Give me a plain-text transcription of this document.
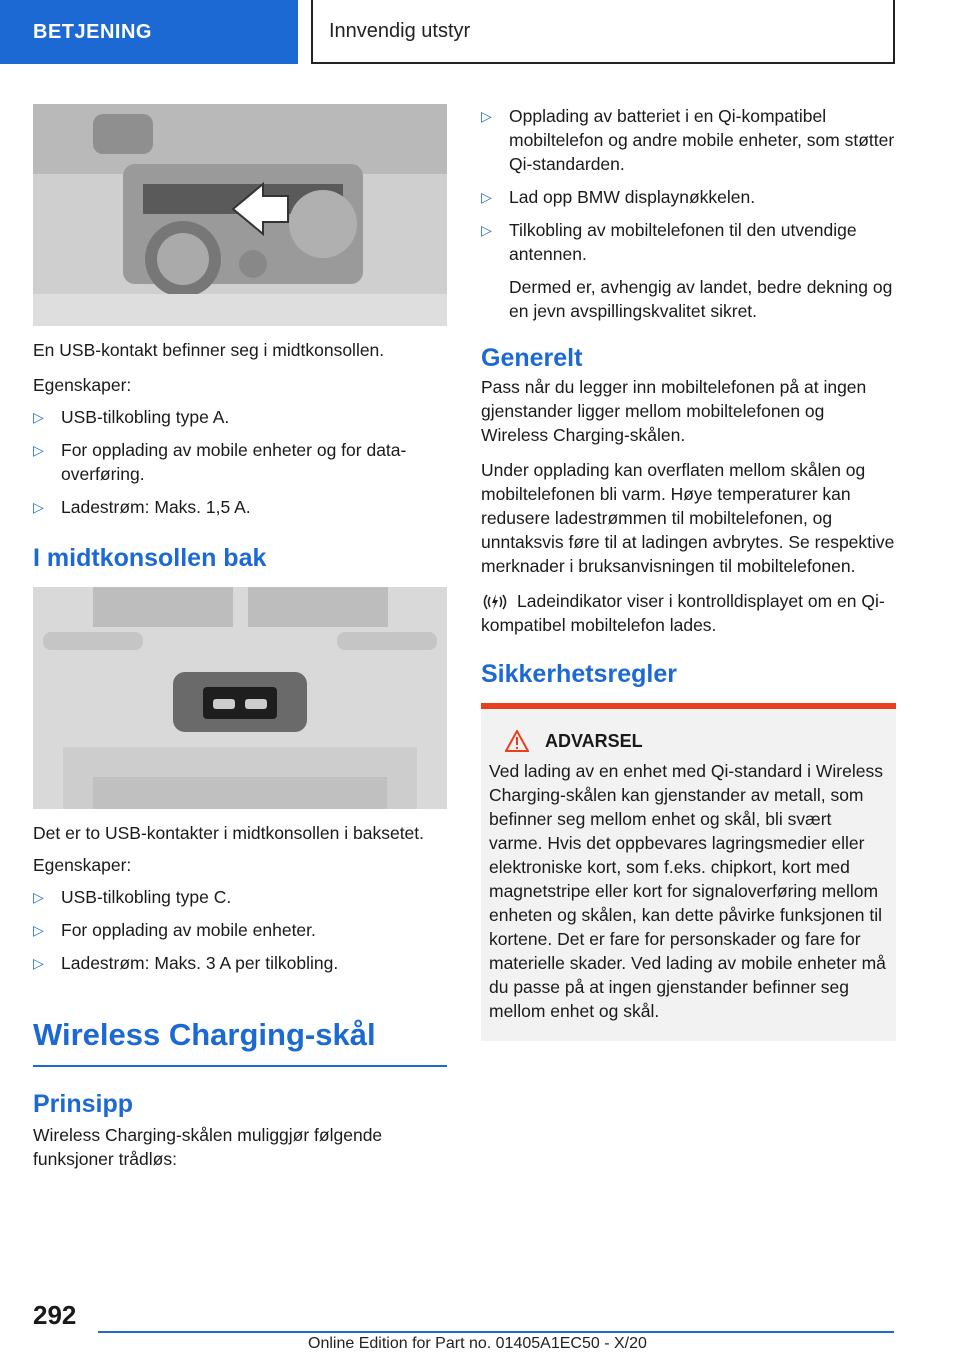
BETJENING	Innvendig utstyr

En USB-kontakt befinner seg i midtkonsollen.

Egenskaper:

▷ USB-tilkobling type A.
▷ For opplading av mobile enheter og for dataoverføring.
▷ Ladestrøm: Maks. 1,5 A.
I midtkonsollen bak

Det er to USB-kontakter i midtkonsollen i baksetet.

Egenskaper:

▷ USB-tilkobling type C.
▷ For opplading av mobile enheter.
▷ Ladestrøm: Maks. 3 A per tilkobling.
Wireless Charging-skål
Prinsipp

Wireless Charging-skålen muliggjør følgende funksjoner trådløs:

▷ Opplading av batteriet i en Qi-kompatibel mobiltelefon og andre mobile enheter, som støtter Qi-standarden.
▷ Lad opp BMW displaynøkkelen.
▷ Tilkobling av mobiltelefonen til den utvendige antennen.

Dermed er, avhengig av landet, bedre dekning og en jevn avspillingskvalitet sikret.

Generelt

Pass når du legger inn mobiltelefonen på at ingen gjenstander ligger mellom mobiltelefonen og Wireless Charging-skålen.

Under opplading kan overflaten mellom skålen og mobiltelefonen bli varm. Høye temperaturer kan redusere ladestrømmen til mobiltelefonen, og unntaksvis føre til at ladingen avbrytes. Se respektive merknader i bruksanvisningen til mobiltelefonen.

Ladeindikator viser i kontrolldisplayet om en Qi-kompatibel mobiltelefon lades.

Sikkerhetsregler
ADVARSEL

Ved lading av en enhet med Qi-standard i Wireless Charging-skålen kan gjenstander av metall, som befinner seg mellom enhet og skål, bli svært varme. Hvis det oppbevares lagringsmedier eller elektroniske kort, som f.eks. chipkort, kort med magnetstripe eller kort for signaloverføring mellom enheten og skålen, kan dette påvirke funksjonen til kortene. Det er fare for personskader og fare for materielle skader. Ved lading av mobile enheter må du passe på at ingen gjenstander befinner seg mellom enhet og skål.

292
Online Edition for Part no. 01405A1EC50 - X/20
